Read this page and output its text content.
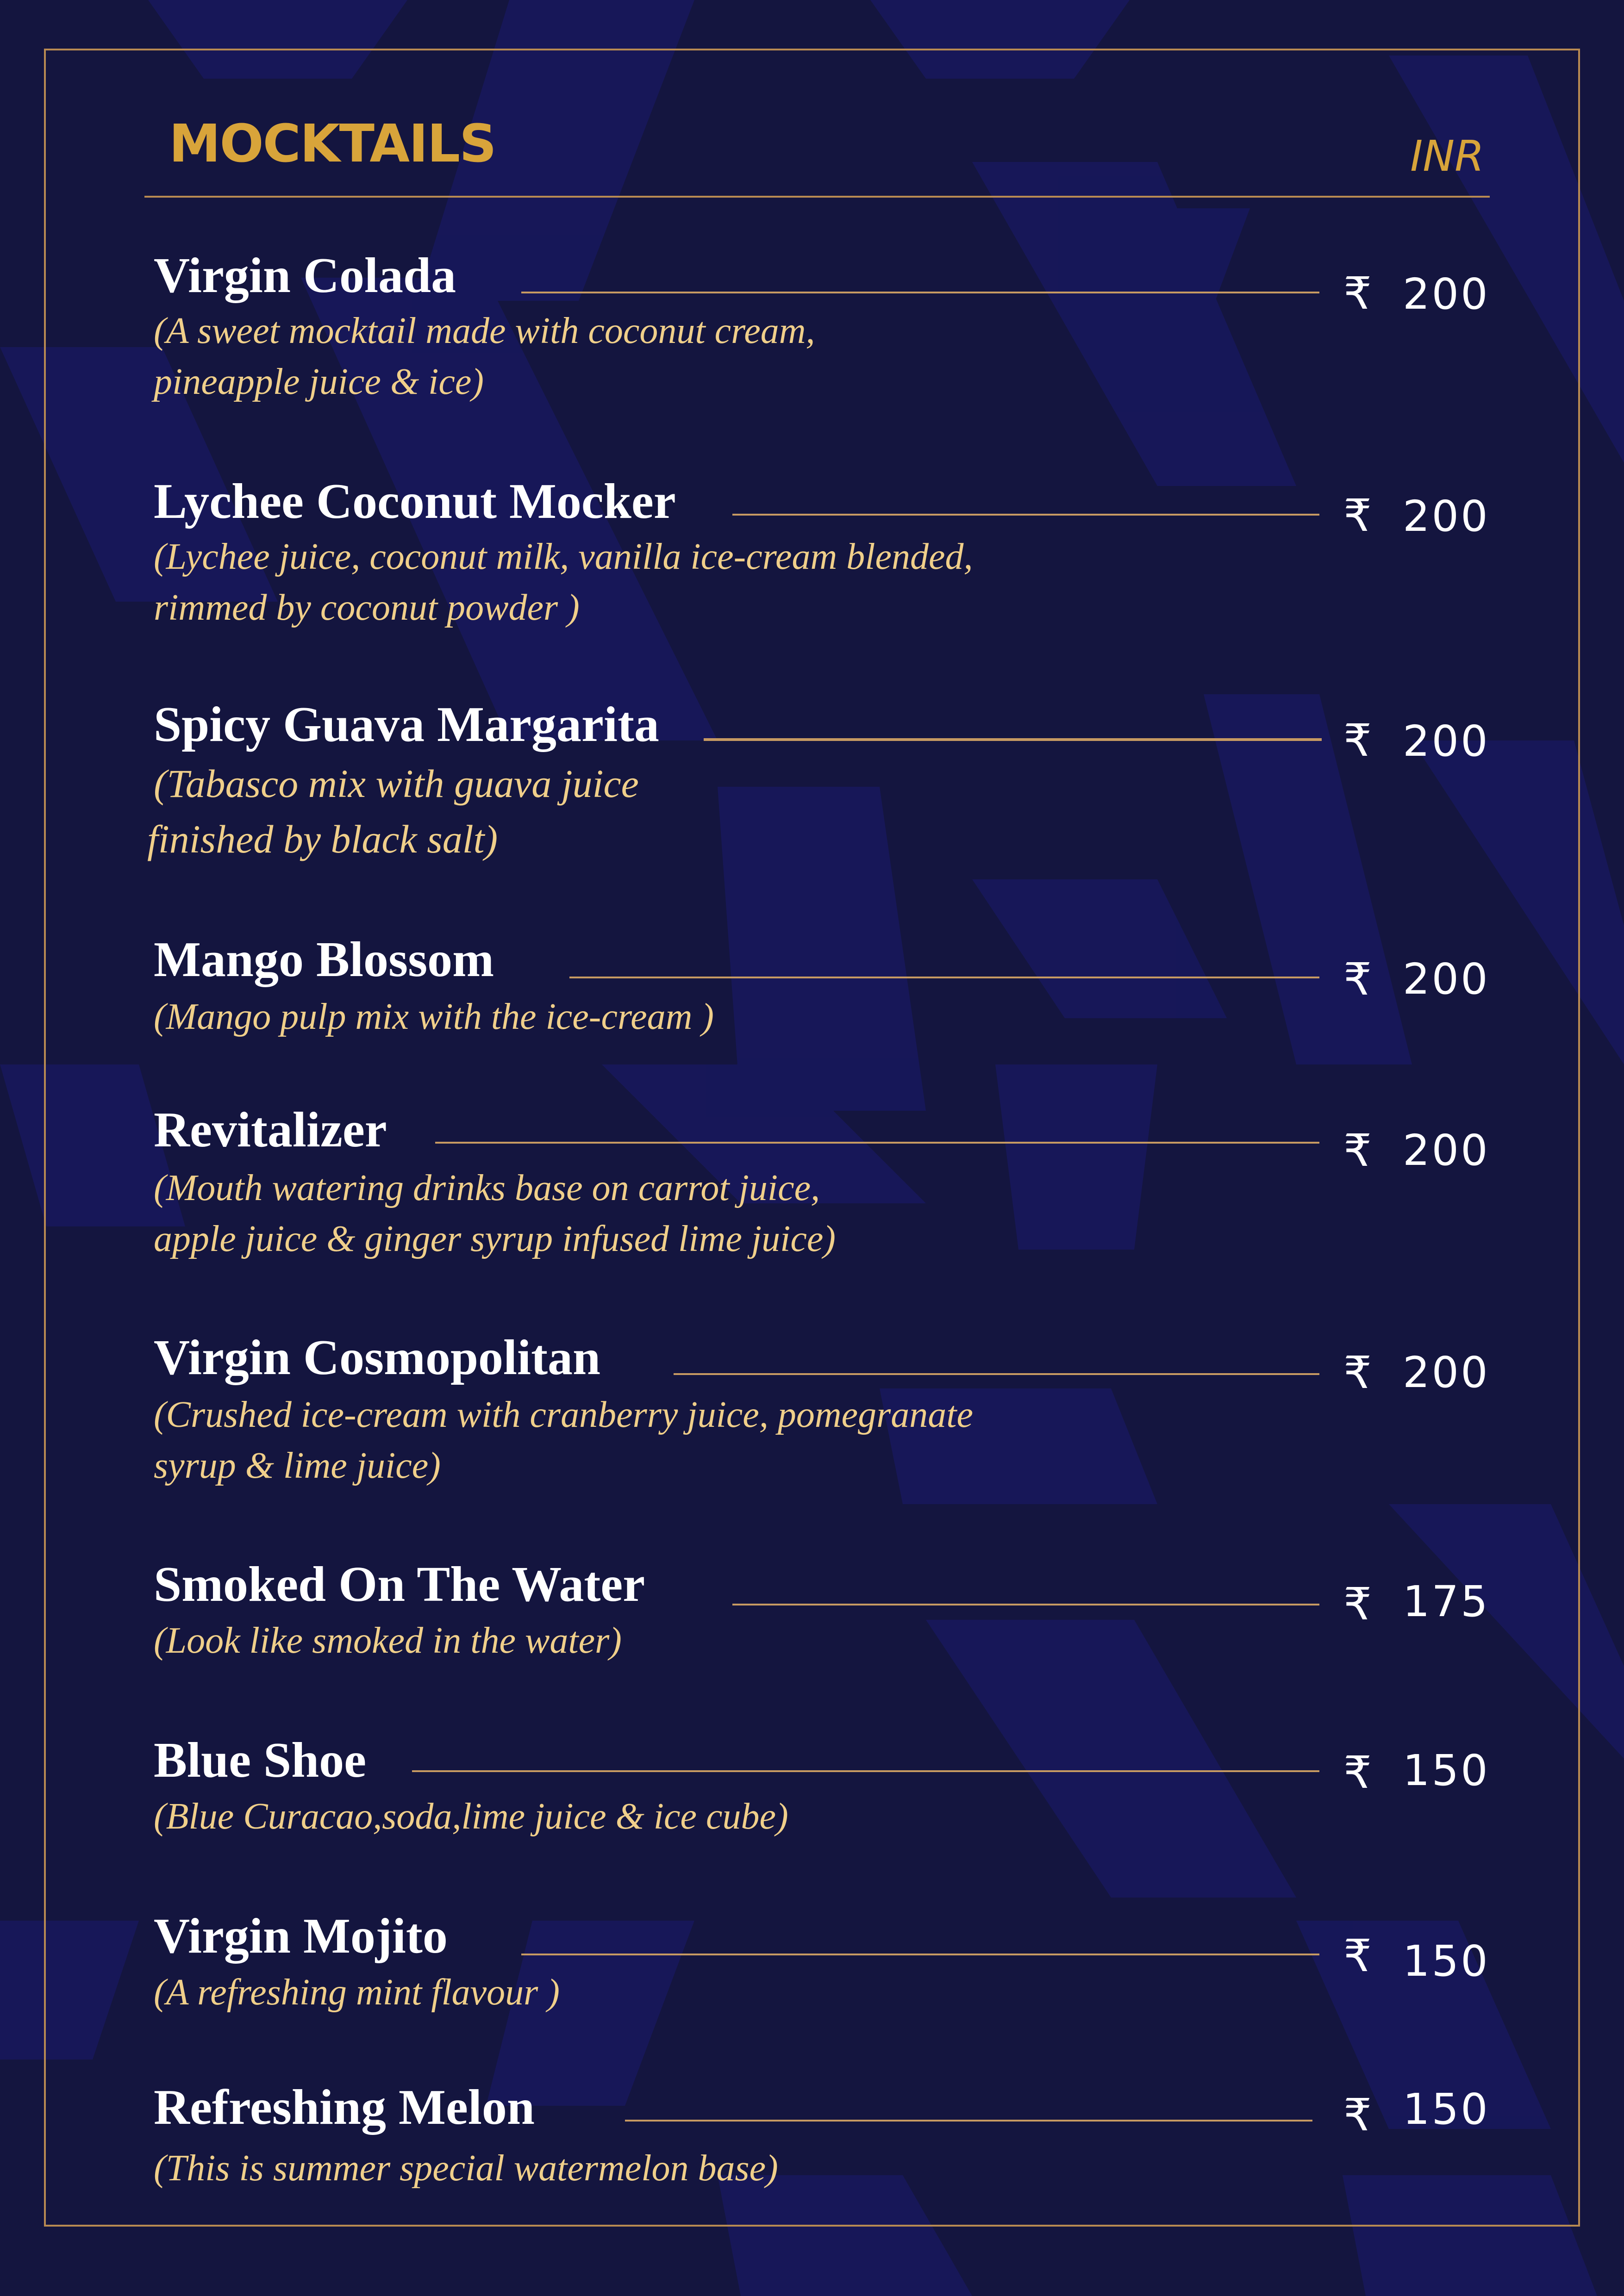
MOCKTAILS	INR
Virgin Colada	₹ 200
(A sweet mocktail made with coconut cream,
pineapple juice & ice)
Lychee Coconut Mocker	₹ 200
(Lychee juice, coconut milk, vanilla ice-cream blended,
rimmed by coconut powder )
Spicy Guava Margarita	₹ 200
(Tabasco mix with guava juice
finished by black salt)
Mango Blossom	₹ 200
(Mango pulp mix with the ice-cream )
Revitalizer	₹ 200
(Mouth watering drinks base on carrot juice,
apple juice & ginger syrup infused lime juice)
Virgin Cosmopolitan	₹ 200
(Crushed ice-cream with cranberry juice, pomegranate
syrup & lime juice)
Smoked On The Water	₹ 175
(Look like smoked in the water)
Blue Shoe	₹ 150
(Blue Curacao,soda,lime juice & ice cube)
Virgin Mojito	₹ 150
(A refreshing mint flavour )
Refreshing Melon	₹ 150
(This is summer special watermelon base)
